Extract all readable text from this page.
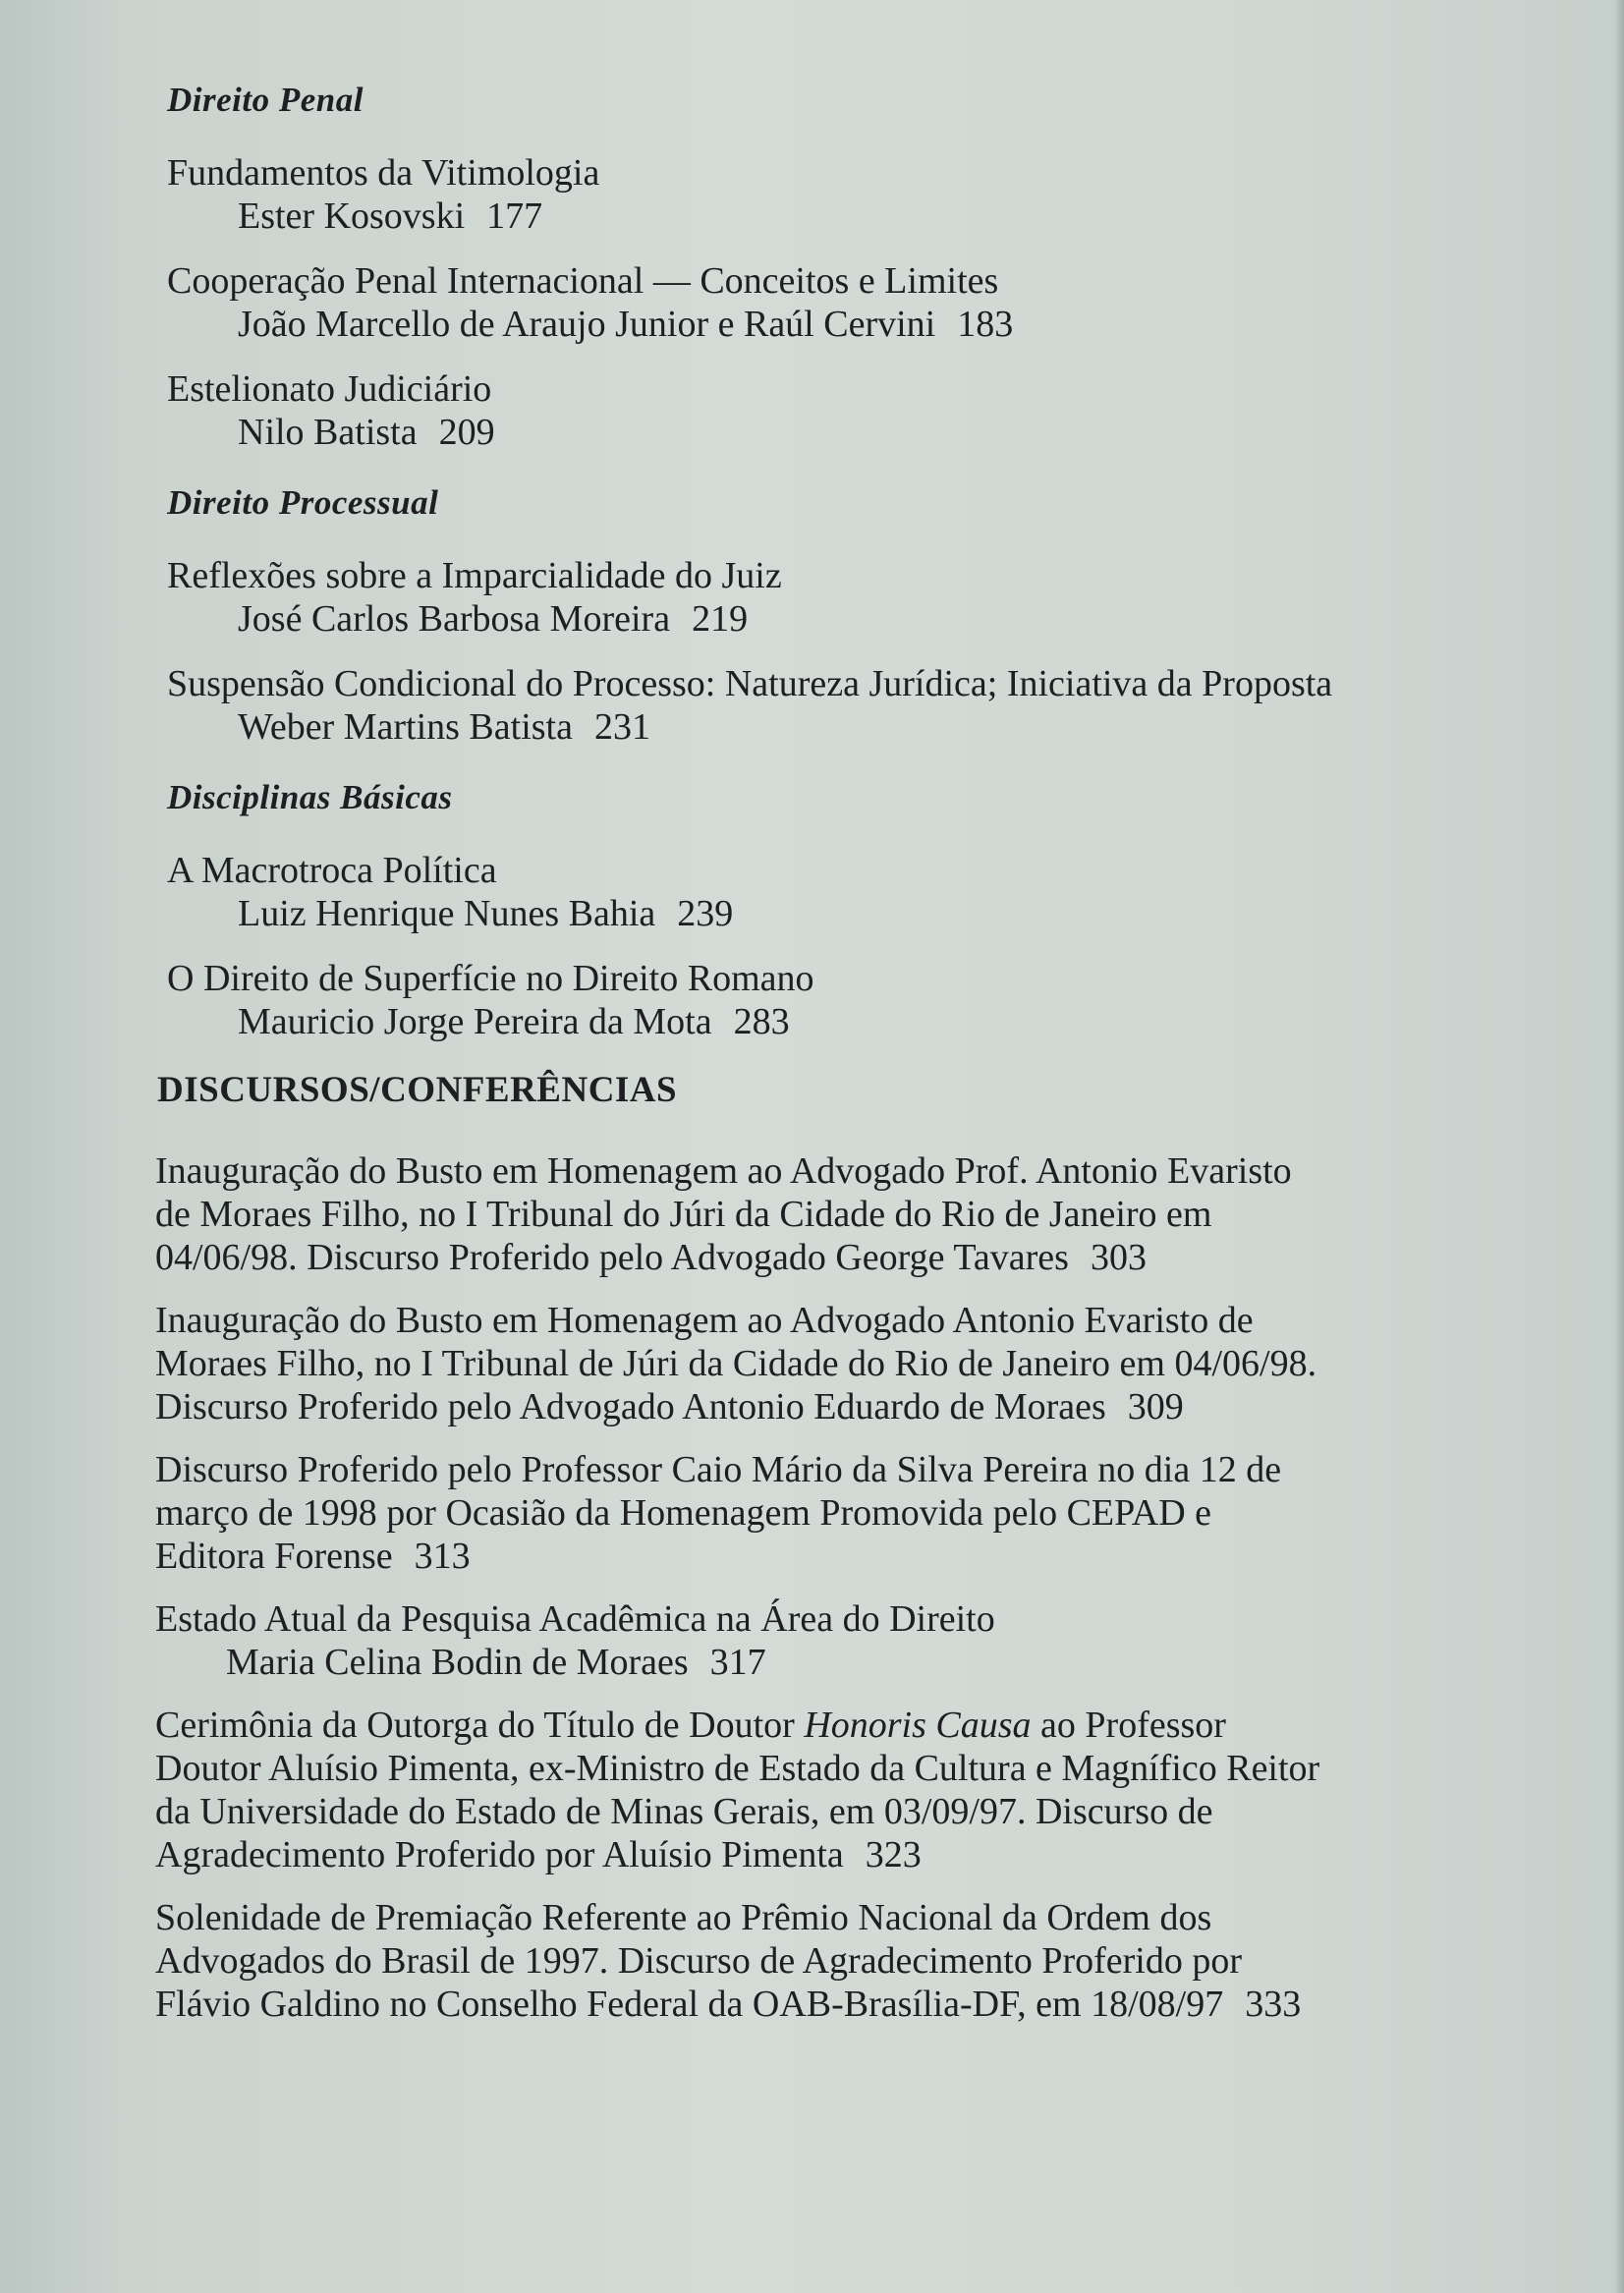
Direito Penal
Fundamentos da Vitimologia
Ester Kosovski 177
Cooperação Penal Internacional — Conceitos e Limites
João Marcello de Araujo Junior e Raúl Cervini 183
Estelionato Judiciário
Nilo Batista 209
Direito Processual
Reflexões sobre a Imparcialidade do Juiz
José Carlos Barbosa Moreira 219
Suspensão Condicional do Processo: Natureza Jurídica; Iniciativa da Proposta
Weber Martins Batista 231
Disciplinas Básicas
A Macrotroca Política
Luiz Henrique Nunes Bahia 239
O Direito de Superfície no Direito Romano
Mauricio Jorge Pereira da Mota 283
DISCURSOS/CONFERÊNCIAS
Inauguração do Busto em Homenagem ao Advogado Prof. Antonio Evaristo
de Moraes Filho, no I Tribunal do Júri da Cidade do Rio de Janeiro em
04/06/98. Discurso Proferido pelo Advogado George Tavares 303
Inauguração do Busto em Homenagem ao Advogado Antonio Evaristo de
Moraes Filho, no I Tribunal de Júri da Cidade do Rio de Janeiro em 04/06/98.
Discurso Proferido pelo Advogado Antonio Eduardo de Moraes 309
Discurso Proferido pelo Professor Caio Mário da Silva Pereira no dia 12 de
março de 1998 por Ocasião da Homenagem Promovida pelo CEPAD e
Editora Forense 313
Estado Atual da Pesquisa Acadêmica na Área do Direito
Maria Celina Bodin de Moraes 317
Cerimônia da Outorga do Título de Doutor Honoris Causa ao Professor
Doutor Aluísio Pimenta, ex-Ministro de Estado da Cultura e Magnífico Reitor
da Universidade do Estado de Minas Gerais, em 03/09/97. Discurso de
Agradecimento Proferido por Aluísio Pimenta 323
Solenidade de Premiação Referente ao Prêmio Nacional da Ordem dos
Advogados do Brasil de 1997. Discurso de Agradecimento Proferido por
Flávio Galdino no Conselho Federal da OAB-Brasília-DF, em 18/08/97 333
